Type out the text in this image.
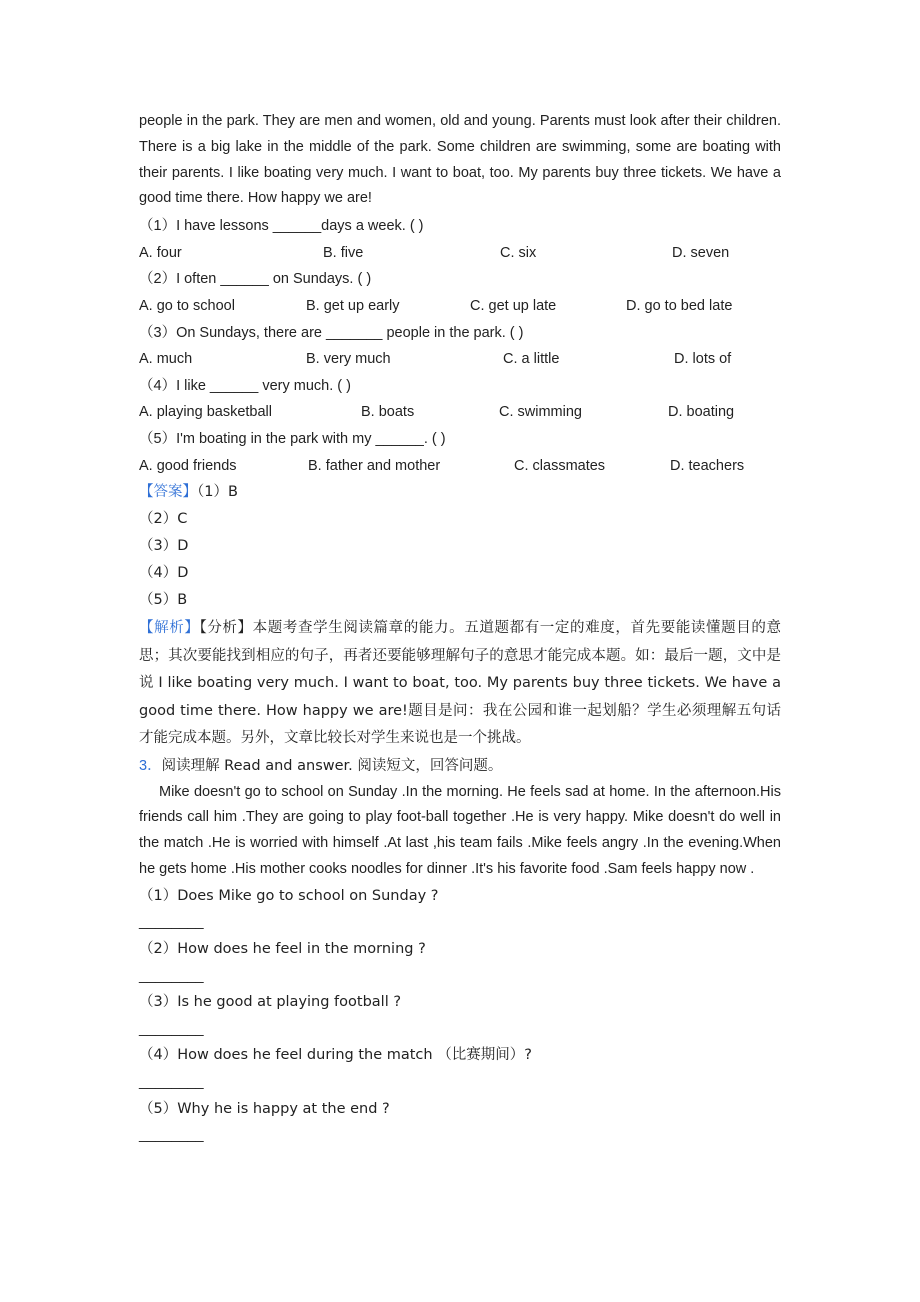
people in the park. They are men and women, old and young. Parents must look after their children. There is a big lake in the middle of the park. Some children are swimming, some are boating with their parents. I like boating very much. I want to boat, too. My parents buy three tickets. We have a good time there. How happy we are!

（1）I have lessons ______days a week. ( )
A. four	B. five	C. six	D. seven
（2）I often ______ on Sundays. ( )
A. go to school	B. get up early	C. get up late	D. go to bed late
（3）On Sundays, there are _______ people in the park. ( )
A. much	B. very much	C. a little	D. lots of
（4）I like ______ very much. ( )
A. playing basketball	B. boats	C. swimming	D. boating
（5）I'm boating in the park with my ______. ( )
A. good friends	B. father and mother	C. classmates	D. teachers
【答案】（1）B
（2）C
（3）D
（4）D
（5）B

【解析】【分析】本题考查学生阅读篇章的能力。五道题都有一定的难度，首先要能读懂题目的意思；其次要能找到相应的句子，再者还要能够理解句子的意思才能完成本题。如：最后一题，文中是说 I like boating very much. I want to boat, too. My parents buy three tickets. We have a good time there. How happy we are!题目是问：我在公园和谁一起划船？学生必须理解五句话才能完成本题。另外，文章比较长对学生来说也是一个挑战。

3．阅读理解 Read and answer. 阅读短文，回答问题。

Mike doesn't go to school on Sunday .In the morning. He feels sad at home. In the afternoon.His friends call him .They are going to play foot-ball together .He is very happy. Mike doesn't do well in the match .He is worried with himself .At last ,his team fails .Mike feels angry .In the evening.When he gets home .His mother cooks noodles for dinner .It's his favorite food .Sam feels happy now .

（1）Does Mike go to school on Sunday ?
________
（2）How does he feel in the morning ?
________
（3）Is he good at playing football ?
________
（4）How does he feel during the match （比赛期间）?
________
（5）Why he is happy at the end ?
________
